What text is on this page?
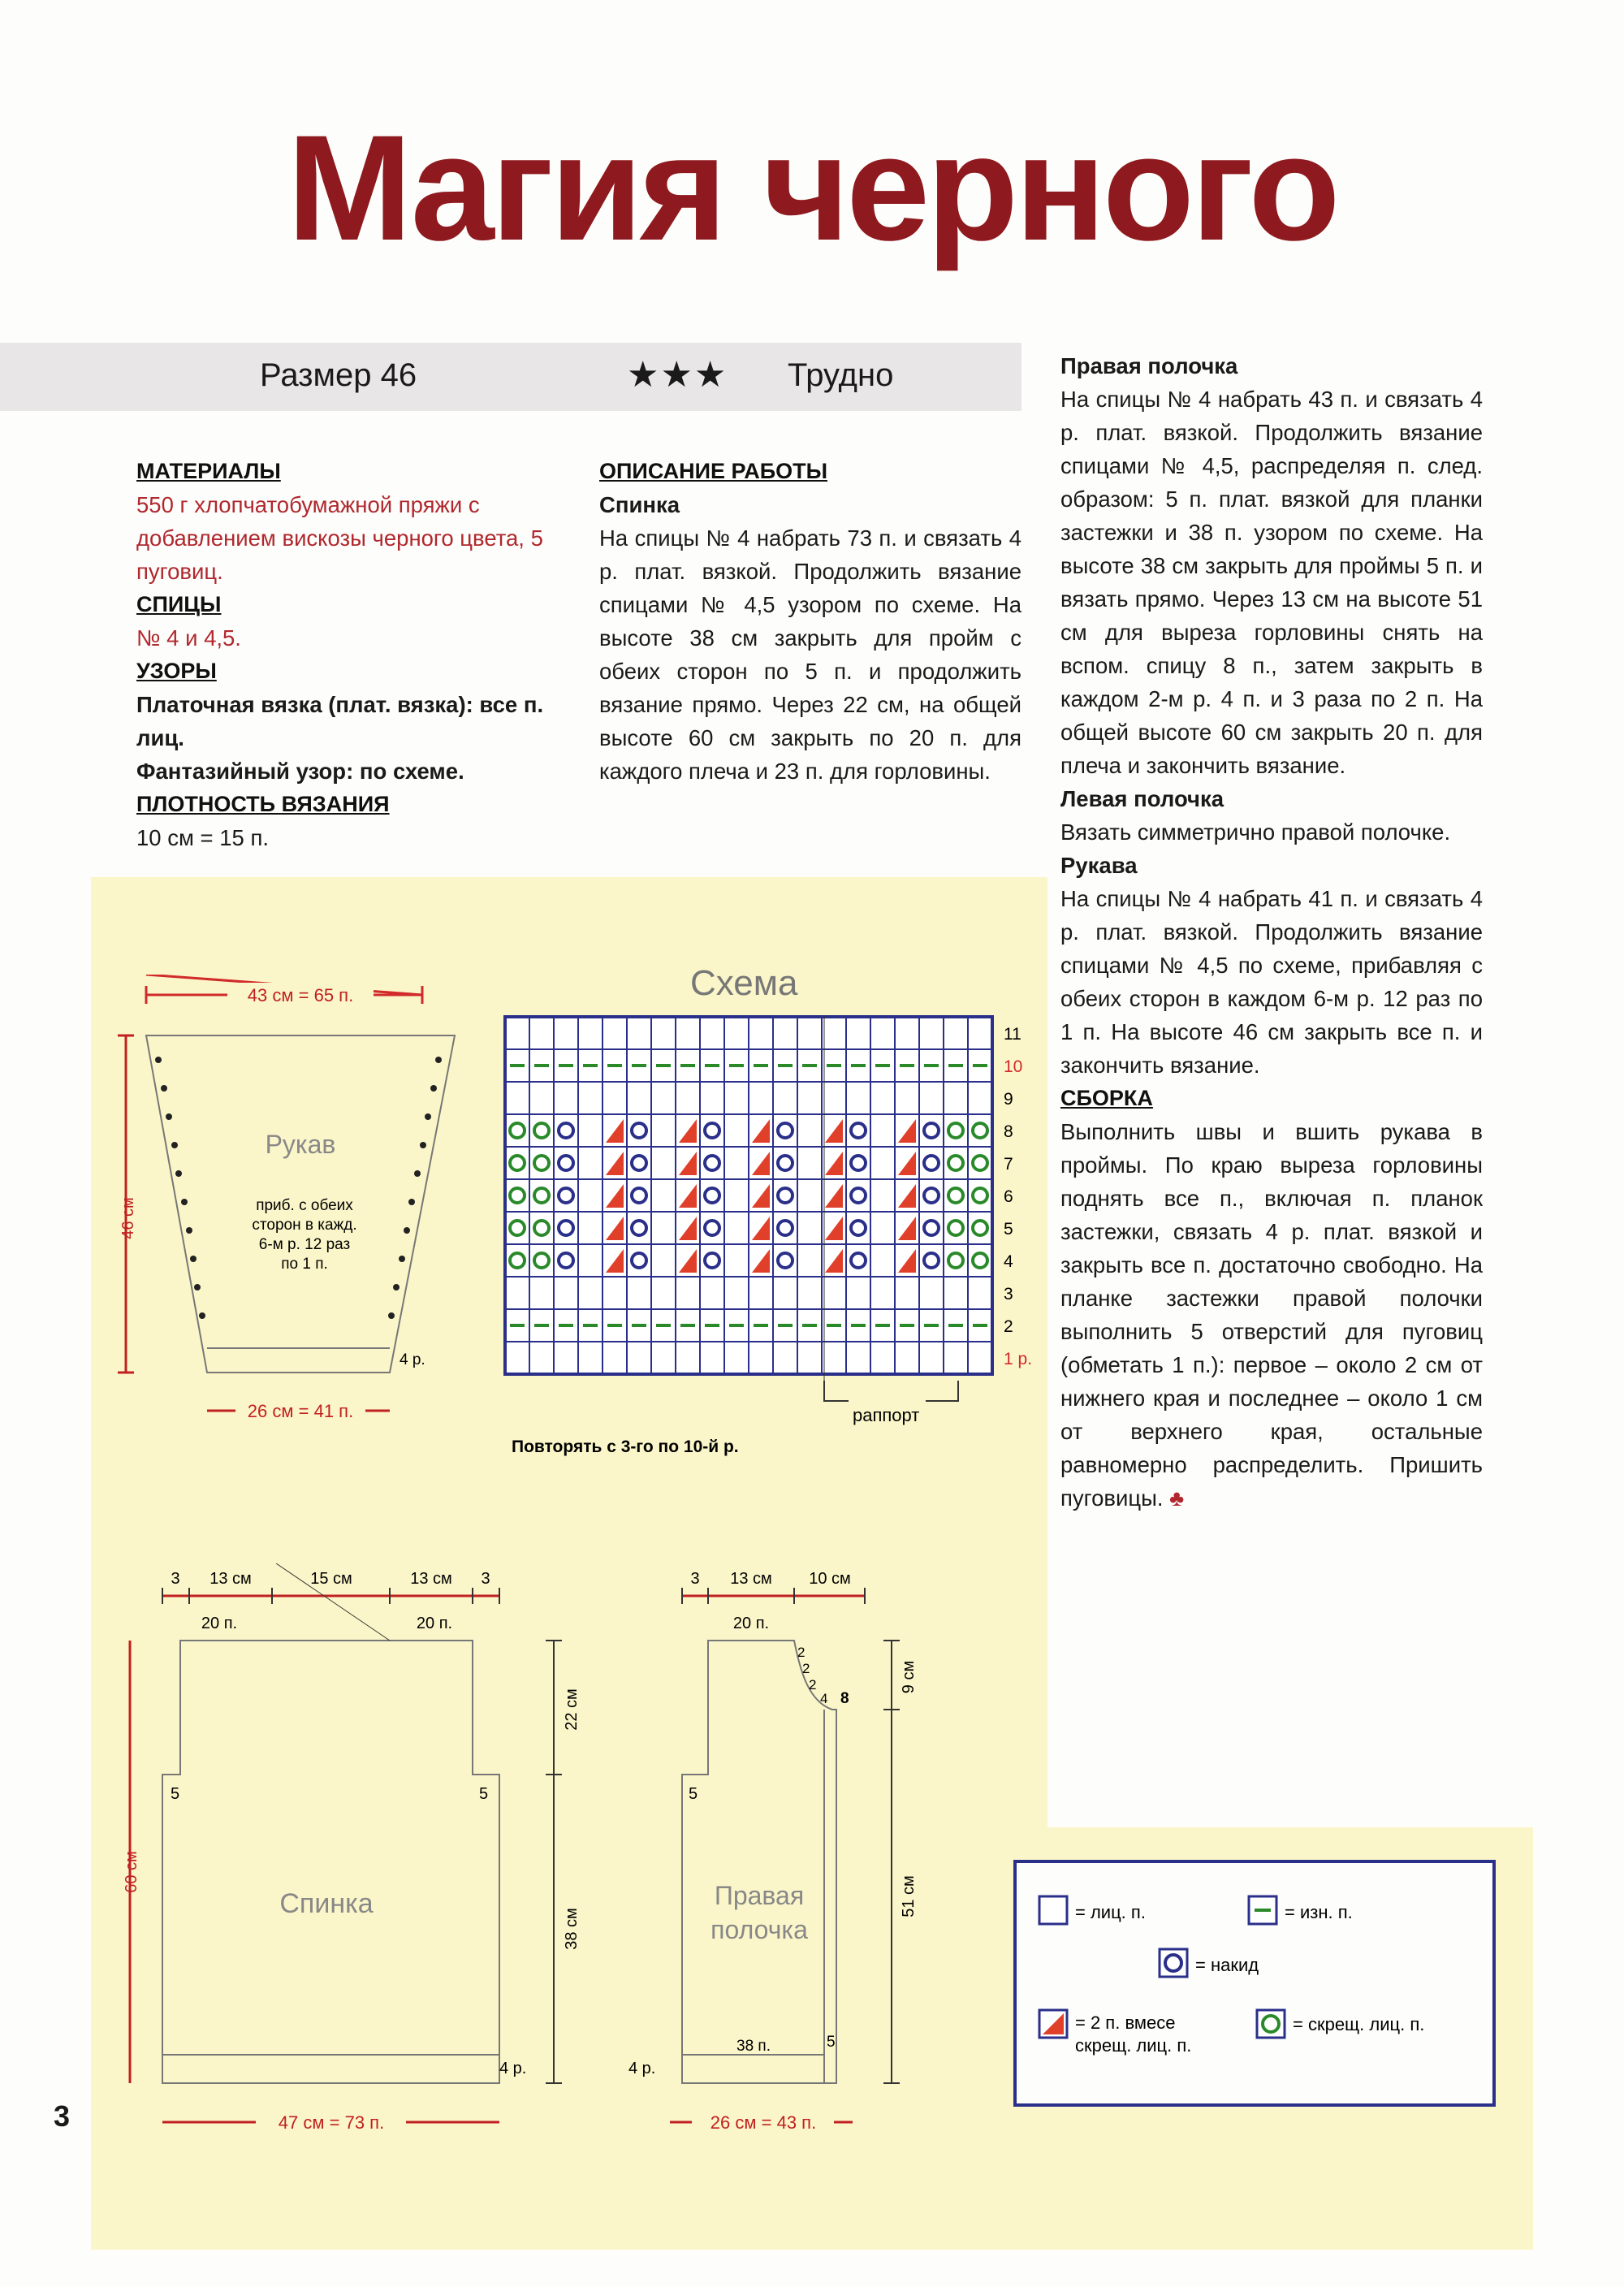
Магия черного
Размер 46	★★★ Трудно
МАТЕРИАЛЫ
550 г хлопчатобумажной пряжи с добавлением вискозы черного цвета, 5 пуговиц.
СПИЦЫ
№ 4 и 4,5.
УЗОРЫ
Платочная вязка (плат. вязка): все п. лиц.
Фантазийный узор: по схеме.
ПЛОТНОСТЬ ВЯЗАНИЯ
10 см = 15 п.
ОПИСАНИЕ РАБОТЫ
Спинка
На спицы № 4 набрать 73 п. и связать 4 р. плат. вязкой. Продолжить вязание спицами № 4,5 узором по схеме. На высоте 38 см закрыть для пройм с обеих сторон по 5 п. и продолжить вязание прямо. Через 22 см, на общей высоте 60 см закрыть по 20 п. для каждого плеча и 23 п. для горловины.
Правая полочка
На спицы № 4 набрать 43 п. и связать 4 р. плат. вязкой. Продолжить вязание спицами № 4,5, распределяя п. след. образом: 5 п. плат. вязкой для планки застежки и 38 п. узором по схеме. На высоте 38 см закрыть для проймы 5 п. и вязать прямо. Через 13 см на высоте 51 см для выреза горловины снять на вспом. спицу 8 п., затем закрыть в каждом 2-м р. 4 п. и 3 раза по 2 п. На общей высоте 60 см закрыть 20 п. для плеча и закончить вязание.
Левая полочка
Вязать симметрично правой полочке.
Рукава
На спицы № 4 набрать 41 п. и связать 4 р. плат. вязкой. Продолжить вязание спицами № 4,5 по схеме, прибавляя с обеих сторон в каждом 6-м р. 12 раз по 1 п. На высоте 46 см закрыть все п. и закончить вязание.
СБОРКА
Выполнить швы и вшить рукава в проймы. По краю выреза горловины поднять все п., включая п. планок застежки, связать 4 р. плат. вязкой и закрыть все п. достаточно свободно. На планке застежки правой полочки выполнить 5 отверстий для пуговиц (обметать 1 п.): первое – около 2 см от нижнего края и последнее – около 1 см от верхнего края, остальные равномерно распределить. Пришить пуговицы. ♣
43 см = 65 п.
46 см
Рукав
приб. с обеих
сторон в кажд.
6-м р. 12 раз
по 1 п.
4 р.
26 см = 41 п.
Схема
11
10
9
8
7
6
5
4
3
2
1 р.
раппорт
Повторять с 3-го по 10-й р.
3 13 см	15 см	13 см 3
20 п.	20 п.
5	5
Спинка
60 см
22 см
38 см
4 р.
47 см = 73 п.
3 13 см 10 см
20 п.
2
2
2
4 8
5
Правая
полочка
38 п.	5
9 см
51 см
4 р.
26 см = 43 п.
= лиц. п.	= изн. п.
= накид
= 2 п. вмесе
скрещ. лиц. п.
= скрещ. лиц. п.
3
